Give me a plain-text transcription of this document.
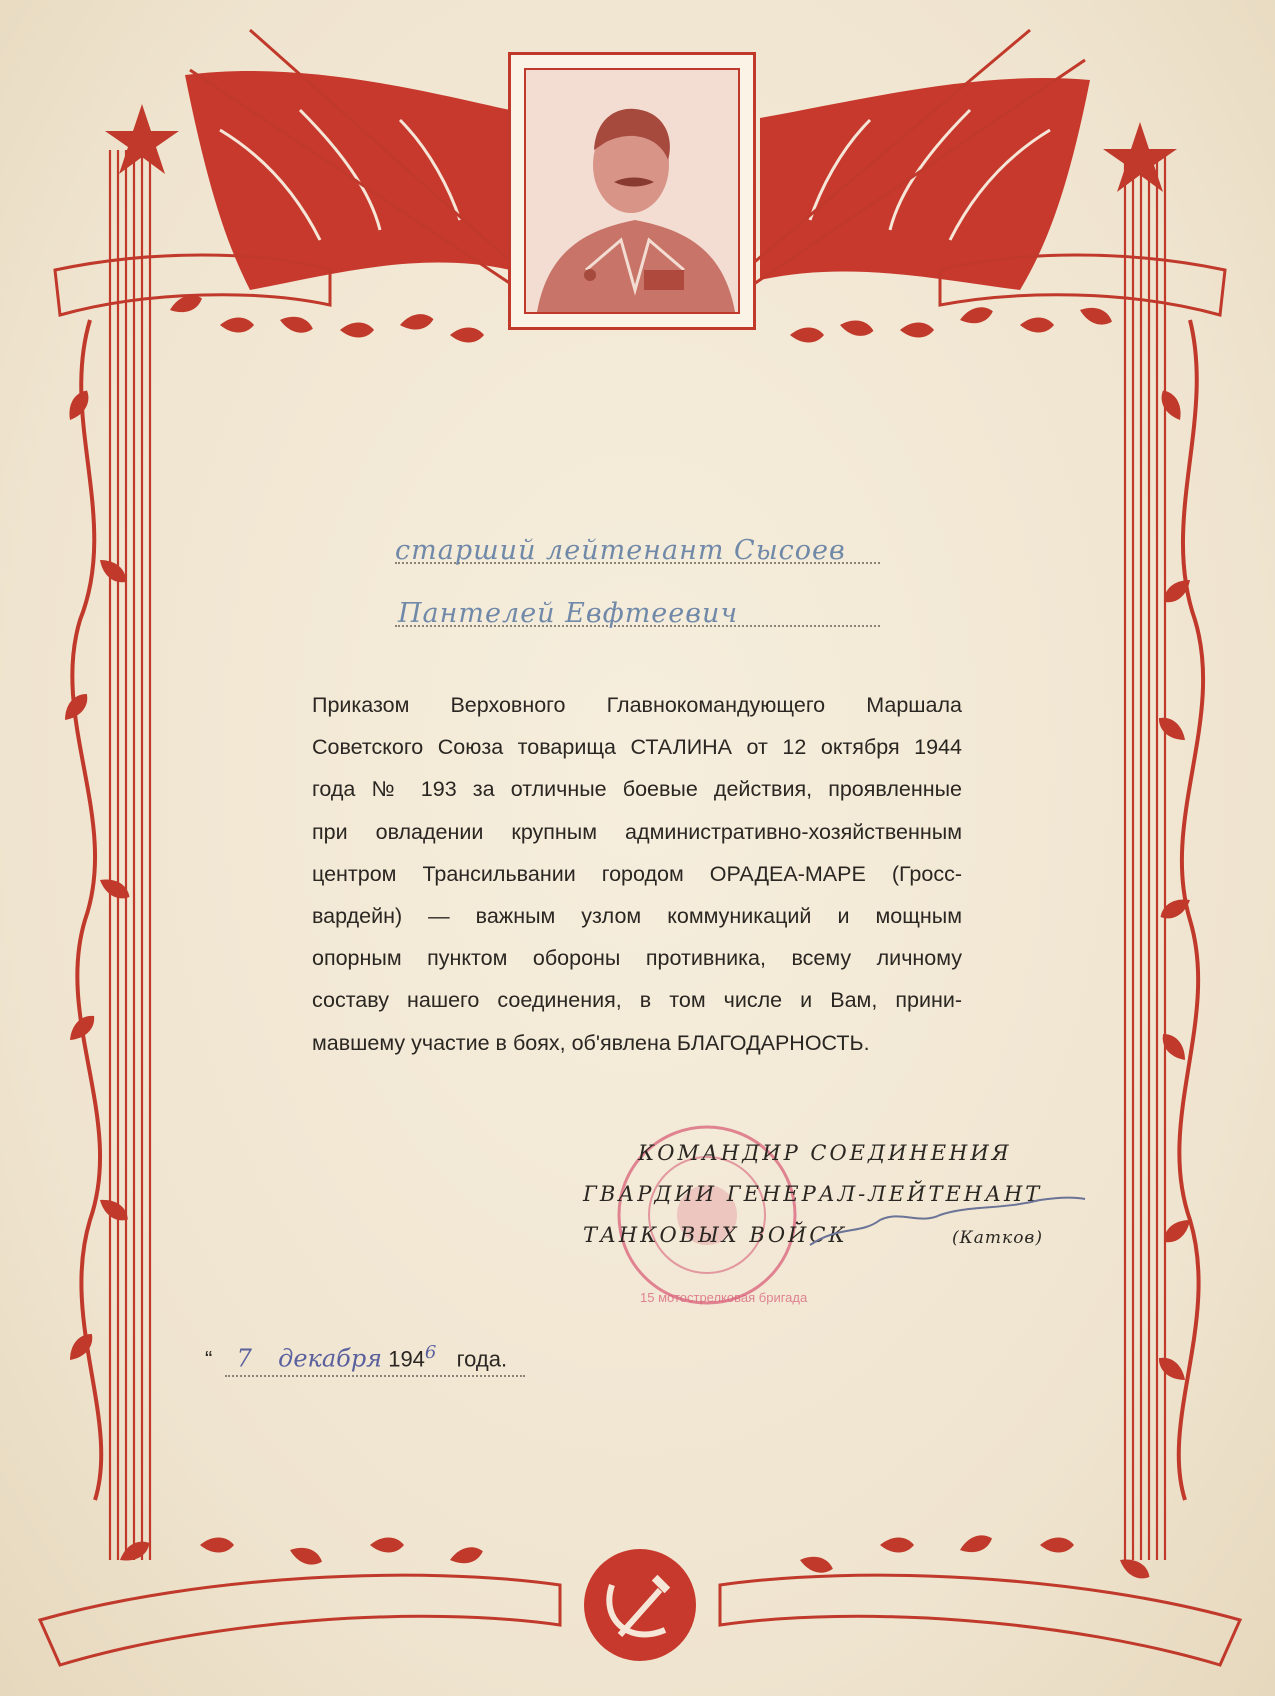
старший лейтенант Сысоев
Пантелей Евфтеевич

Приказом Верховного Главнокомандующего Маршала

Советского Союза товарища СТАЛИНА от 12 октября 1944

года № 193 за отличные боевые действия, проявленные

при овладении крупным административно-хозяйственным

центром Трансильвании городом ОРАДЕА-МАРЕ (Гросс-

вардейн) — важным узлом коммуникаций и мощным

опорным пунктом обороны противника, всему личному

составу нашего соединения, в том числе и Вам, прини-

мавшему участие в боях, об'явлена БЛАГОДАРНОСТЬ.

15 мотострелковая бригада
КОМАНДИР СОЕДИНЕНИЯ
ГВАРДИИ ГЕНЕРАЛ-ЛЕЙТЕНАНТ
ТАНКОВЫХ ВОЙСК	(Катков)
“ 7 декабря $194^6$ года.
